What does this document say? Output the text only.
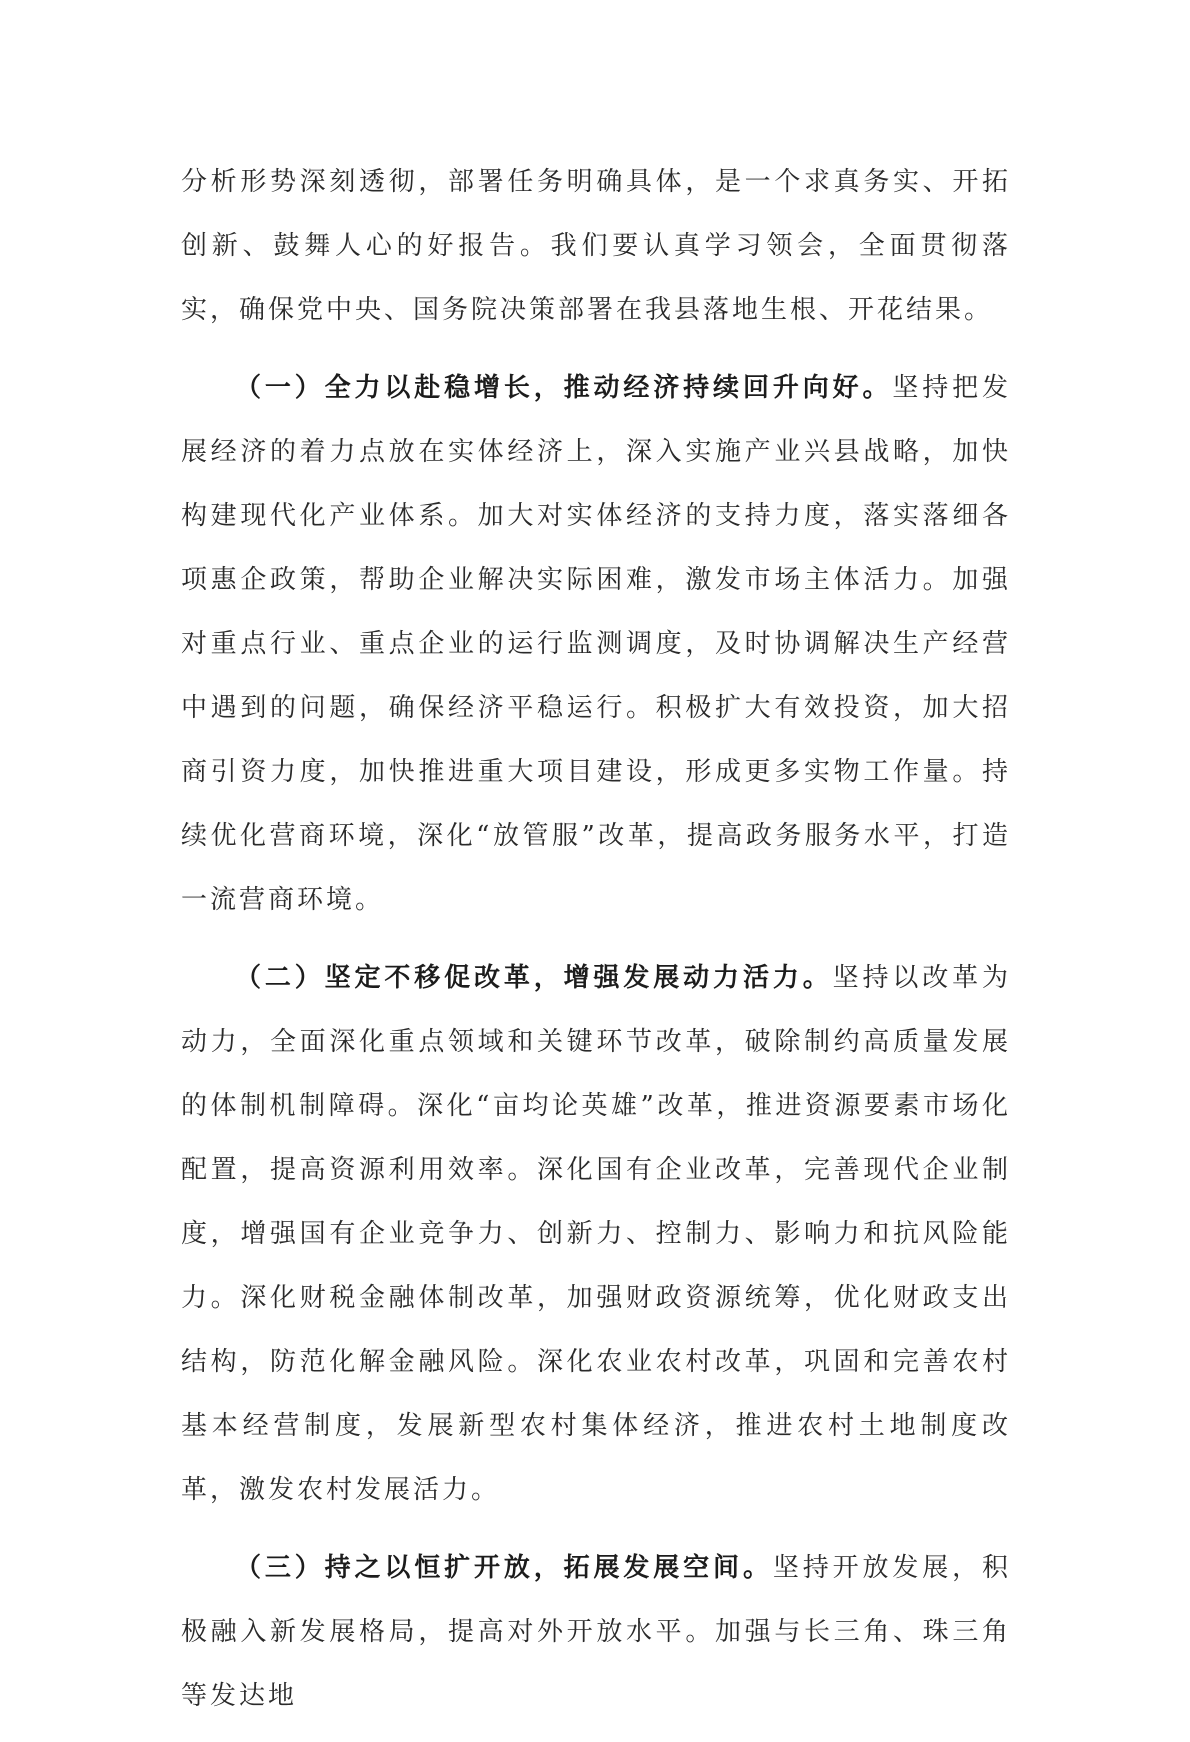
分析形势深刻透彻，部署任务明确具体，是一个求真务实、开拓创新、鼓舞人心的好报告。我们要认真学习领会，全面贯彻落实，确保党中央、国务院决策部署在我县落地生根、开花结果。

（一）全力以赴稳增长，推动经济持续回升向好。坚持把发展经济的着力点放在实体经济上，深入实施产业兴县战略，加快构建现代化产业体系。加大对实体经济的支持力度，落实落细各项惠企政策，帮助企业解决实际困难，激发市场主体活力。加强对重点行业、重点企业的运行监测调度，及时协调解决生产经营中遇到的问题，确保经济平稳运行。积极扩大有效投资，加大招商引资力度，加快推进重大项目建设，形成更多实物工作量。持续优化营商环境，深化“放管服”改革，提高政务服务水平，打造一流营商环境。

（二）坚定不移促改革，增强发展动力活力。坚持以改革为动力，全面深化重点领域和关键环节改革，破除制约高质量发展的体制机制障碍。深化“亩均论英雄”改革，推进资源要素市场化配置，提高资源利用效率。深化国有企业改革，完善现代企业制度，增强国有企业竞争力、创新力、控制力、影响力和抗风险能力。深化财税金融体制改革，加强财政资源统筹，优化财政支出结构，防范化解金融风险。深化农业农村改革，巩固和完善农村基本经营制度，发展新型农村集体经济，推进农村土地制度改革，激发农村发展活力。

（三）持之以恒扩开放，拓展发展空间。坚持开放发展，积极融入新发展格局，提高对外开放水平。加强与长三角、珠三角等发达地
